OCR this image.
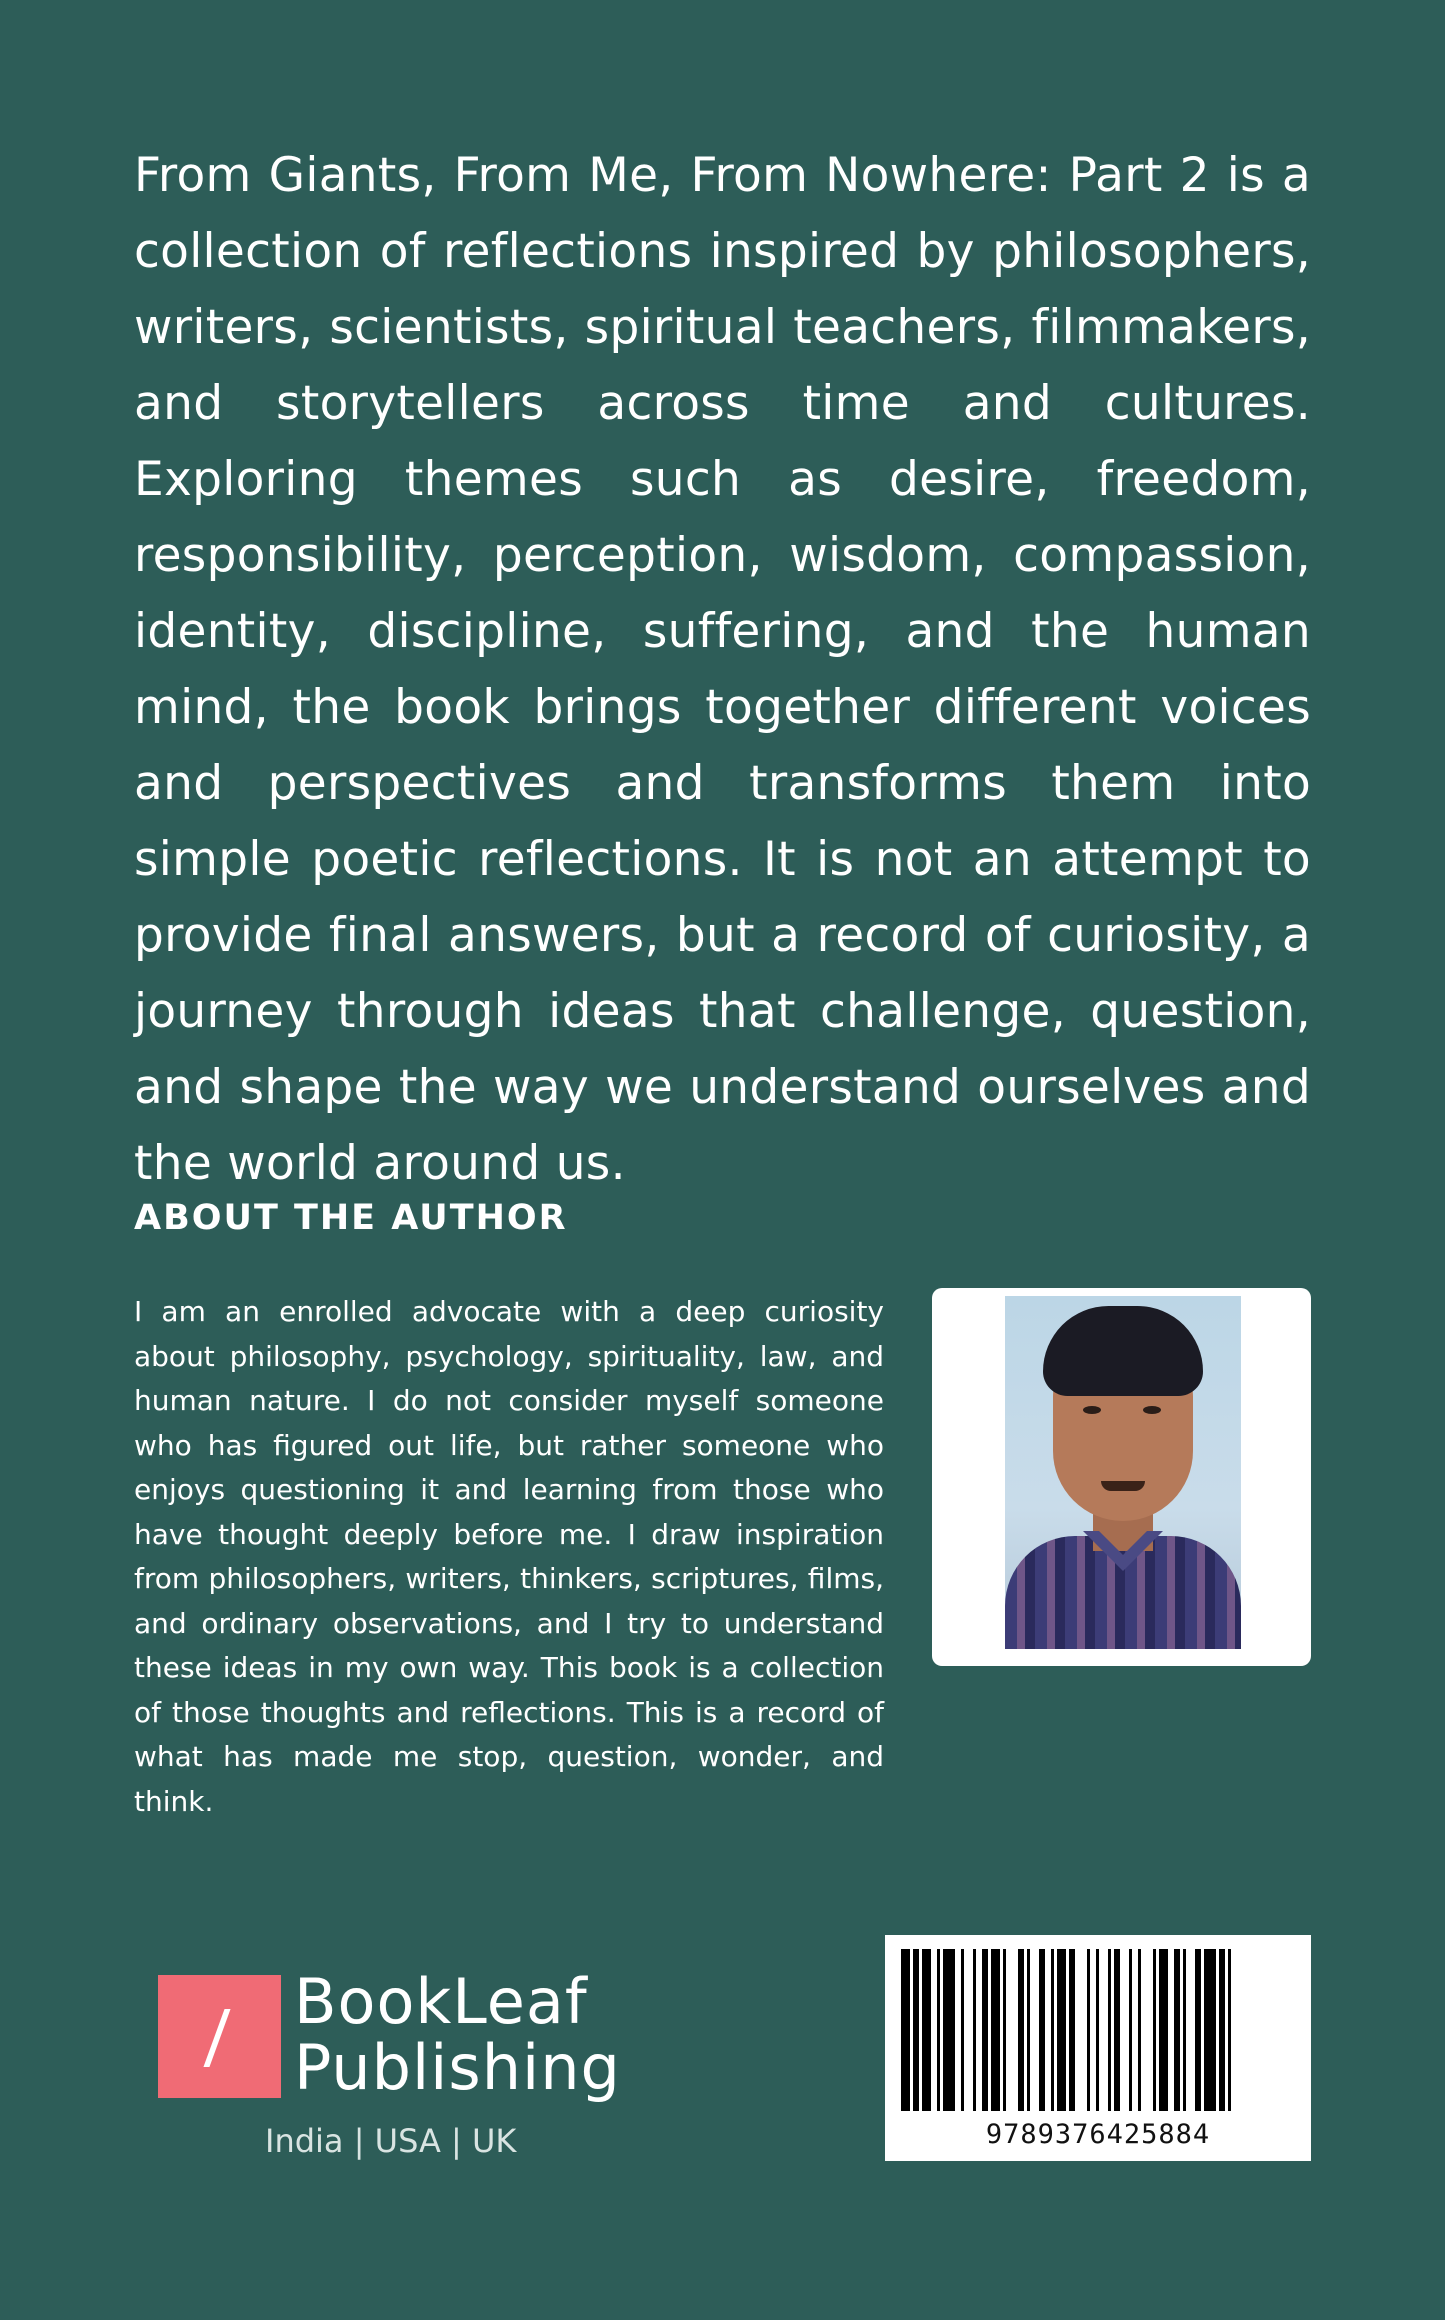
From Giants, From Me, From Nowhere: Part 2 is a collection of reflections inspired by philosophers, writers, scientists, spiritual teachers, filmmakers, and storytellers across time and cultures. Exploring themes such as desire, freedom, responsibility, perception, wisdom, compassion, identity, discipline, suffering, and the human mind, the book brings together different voices and perspectives and transforms them into simple poetic reflections. It is not an attempt to provide final answers, but a record of curiosity, a journey through ideas that challenge, question, and shape the way we understand ourselves and the world around us.

ABOUT THE AUTHOR

I am an enrolled advocate with a deep curiosity about philosophy, psychology, spirituality, law, and human nature. I do not consider myself someone who has figured out life, but rather someone who enjoys questioning it and learning from those who have thought deeply before me. I draw inspiration from philosophers, writers, thinkers, scriptures, films, and ordinary observations, and I try to understand these ideas in my own way. This book is a collection of those thoughts and reflections. This is a record of what has made me stop, question, wonder, and think.

BookLeaf
Publishing
India | USA | UK	9789376425884
